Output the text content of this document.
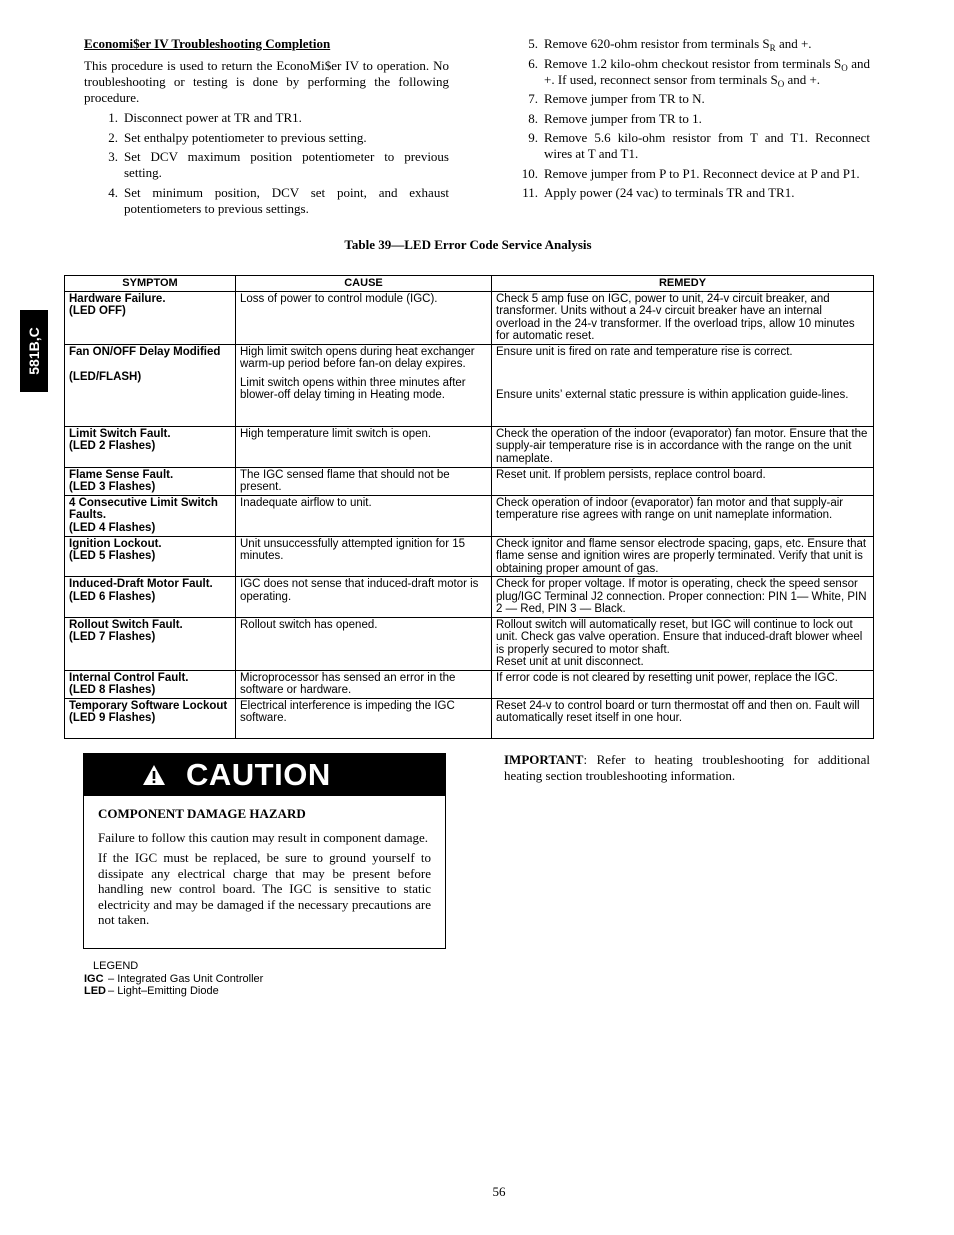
Economi$er IV Troubleshooting Completion

This procedure is used to return the EconoMi$er IV to operation. No troubleshooting or testing is done by performing the following procedure.

1. Disconnect power at TR and TR1.
2. Set enthalpy potentiometer to previous setting.
3. Set DCV maximum position potentiometer to previous setting.
4. Set minimum position, DCV set point, and exhaust potentiometers to previous settings.
5. Remove 620-ohm resistor from terminals $S_R$ and +.
6. Remove 1.2 kilo-ohm checkout resistor from terminals $S_O$ and +. If used, reconnect sensor from terminals $S_O$ and +.
7. Remove jumper from TR to N.
8. Remove jumper from TR to 1.
9. Remove 5.6 kilo-ohm resistor from T and T1. Reconnect wires at T and T1.
10. Remove jumper from P to P1. Reconnect device at P and P1.
11. Apply power (24 vac) to terminals TR and TR1.
Table 39—LED Error Code Service Analysis
581B,C
SYMPTOM	CAUSE	REMEDY

Hardware Failure.
(LED OFF)	Loss of power to control module (IGC).	Check 5 amp fuse on IGC, power to unit, 24-v circuit breaker, and transformer. Units without a 24-v circuit breaker have an internal overload in the 24-v transformer. If the overload trips, allow 10 minutes for automatic reset.

Fan ON/OFF Delay Modified

(LED/FLASH)	High limit switch opens during heat exchanger warm-up period before fan-on delay expires.
Limit switch opens within three minutes after blower-off delay timing in Heating mode.	Ensure unit is fired on rate and temperature rise is correct.

Ensure units’ external static pressure is within application guide-lines.

Limit Switch Fault.
(LED 2 Flashes)	High temperature limit switch is open.	Check the operation of the indoor (evaporator) fan motor. Ensure that the supply-air temperature rise is in accordance with the range on the unit nameplate.

Flame Sense Fault.
(LED 3 Flashes)	The IGC sensed flame that should not be present.	Reset unit. If problem persists, replace control board.

4 Consecutive Limit Switch Faults.
(LED 4 Flashes)	Inadequate airflow to unit.	Check operation of indoor (evaporator) fan motor and that supply-air temperature rise agrees with range on unit nameplate information.

Ignition Lockout.
(LED 5 Flashes)	Unit unsuccessfully attempted ignition for 15 minutes.	Check ignitor and flame sensor electrode spacing, gaps, etc. Ensure that flame sense and ignition wires are properly terminated. Verify that unit is obtaining proper amount of gas.

Induced-Draft Motor Fault.
(LED 6 Flashes)	IGC does not sense that induced-draft motor is operating.	Check for proper voltage. If motor is operating, check the speed sensor plug/IGC Terminal J2 connection. Proper connection: PIN 1— White, PIN 2 — Red, PIN 3 — Black.

Rollout Switch Fault.
(LED 7 Flashes)	Rollout switch has opened.	Rollout switch will automatically reset, but IGC will continue to lock out unit. Check gas valve operation. Ensure that induced-draft blower wheel is properly secured to motor shaft.
Reset unit at unit disconnect.

Internal Control Fault.
(LED 8 Flashes)	Microprocessor has sensed an error in the software or hardware.	If error code is not cleared by resetting unit power, replace the IGC.

Temporary Software Lockout
(LED 9 Flashes)	Electrical interference is impeding the IGC software.	Reset 24-v to control board or turn thermostat off and then on. Fault will automatically reset itself in one hour.
CAUTION
COMPONENT DAMAGE HAZARD

Failure to follow this caution may result in component damage.

If the IGC must be replaced, be sure to ground yourself to dissipate any electrical charge that may be present before handling new control board. The IGC is sensitive to static electricity and may be damaged if the necessary precautions are not taken.

IMPORTANT: Refer to heating troubleshooting for additional heating section troubleshooting information.
LEGEND
IGC – Integrated Gas Unit Controller
LED – Light–Emitting Diode
56
